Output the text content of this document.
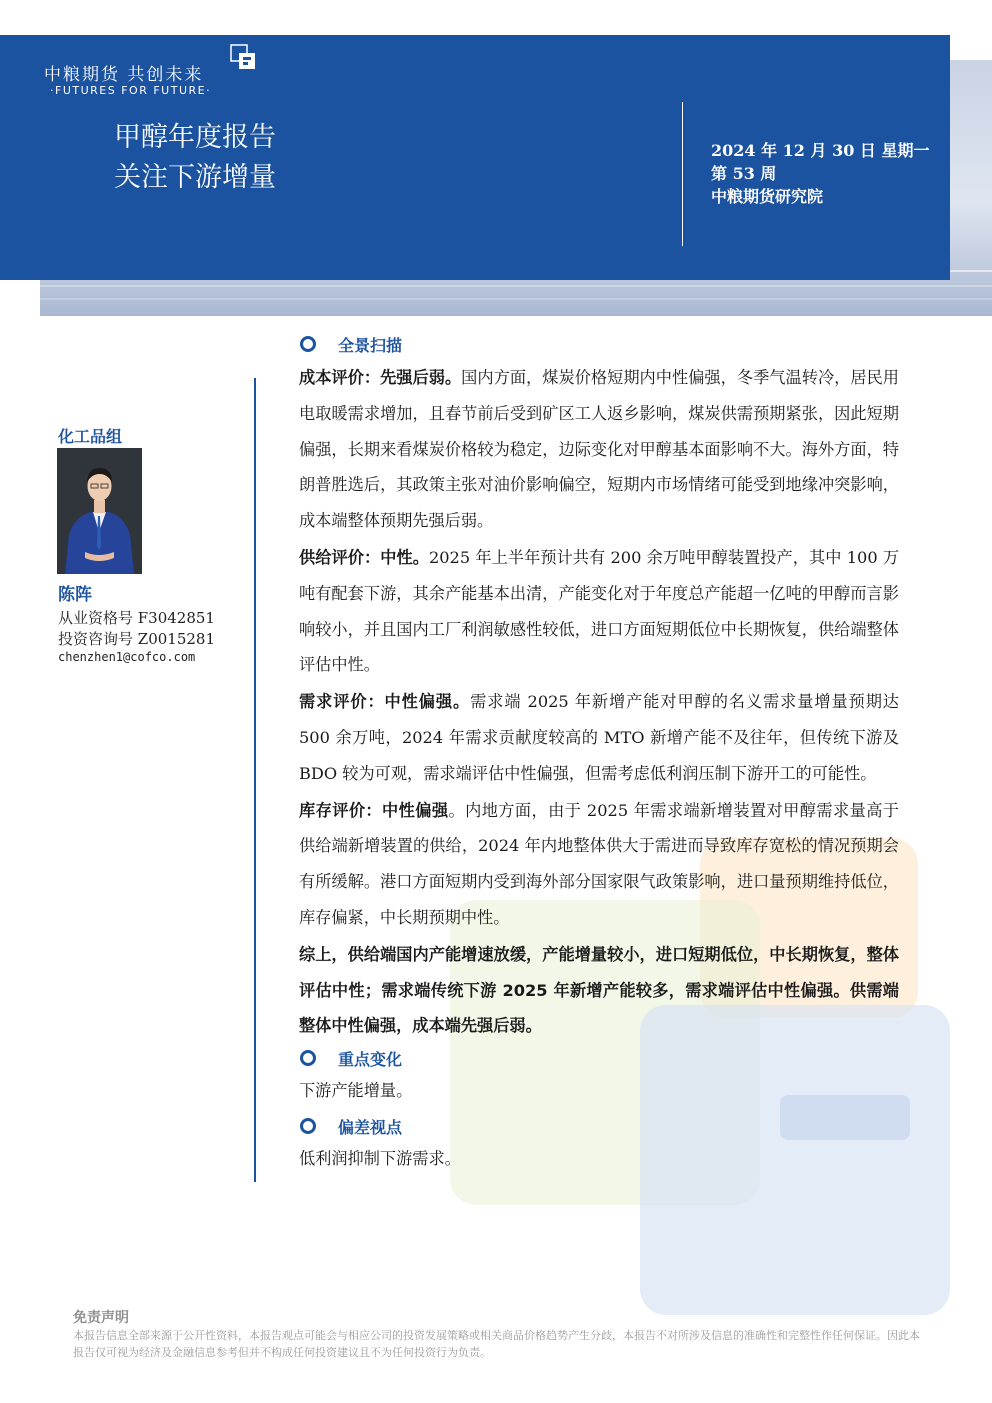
中粮期货 共创未来
·FUTURES FOR FUTURE·
甲醇年度报告
关注下游增量
2024 年 12 月 30 日 星期一
第 53 周
中粮期货研究院
化工品组
陈阵
从业资格号 F3042851
投资咨询号 Z0015281
chenzhen1@cofco.com
全景扫描

成本评价：先强后弱。国内方面，煤炭价格短期内中性偏强，冬季气温转冷，居民用电取暖需求增加，且春节前后受到矿区工人返乡影响，煤炭供需预期紧张，因此短期偏强，长期来看煤炭价格较为稳定，边际变化对甲醇基本面影响不大。海外方面，特朗普胜选后，其政策主张对油价影响偏空，短期内市场情绪可能受到地缘冲突影响，成本端整体预期先强后弱。

供给评价：中性。2025 年上半年预计共有 200 余万吨甲醇装置投产，其中 100 万吨有配套下游，其余产能基本出清，产能变化对于年度总产能超一亿吨的甲醇而言影响较小，并且国内工厂利润敏感性较低，进口方面短期低位中长期恢复，供给端整体评估中性。

需求评价：中性偏强。需求端 2025 年新增产能对甲醇的名义需求量增量预期达 500 余万吨，2024 年需求贡献度较高的 MTO 新增产能不及往年，但传统下游及 BDO 较为可观，需求端评估中性偏强，但需考虑低利润压制下游开工的可能性。

库存评价：中性偏强。内地方面，由于 2025 年需求端新增装置对甲醇需求量高于供给端新增装置的供给，2024 年内地整体供大于需进而导致库存宽松的情况预期会有所缓解。港口方面短期内受到海外部分国家限气政策影响，进口量预期维持低位，库存偏紧，中长期预期中性。

综上，供给端国内产能增速放缓，产能增量较小，进口短期低位，中长期恢复，整体评估中性；需求端传统下游 2025 年新增产能较多，需求端评估中性偏强。供需端整体中性偏强，成本端先强后弱。

重点变化

下游产能增量。

偏差视点

低利润抑制下游需求。

免责声明
本报告信息全部来源于公开性资料，本报告观点可能会与相应公司的投资发展策略或相关商品价格趋势产生分歧，本报告不对所涉及信息的准确性和完整性作任何保证。因此本报告仅可视为经济及金融信息参考但并不构成任何投资建议且不为任何投资行为负责。
